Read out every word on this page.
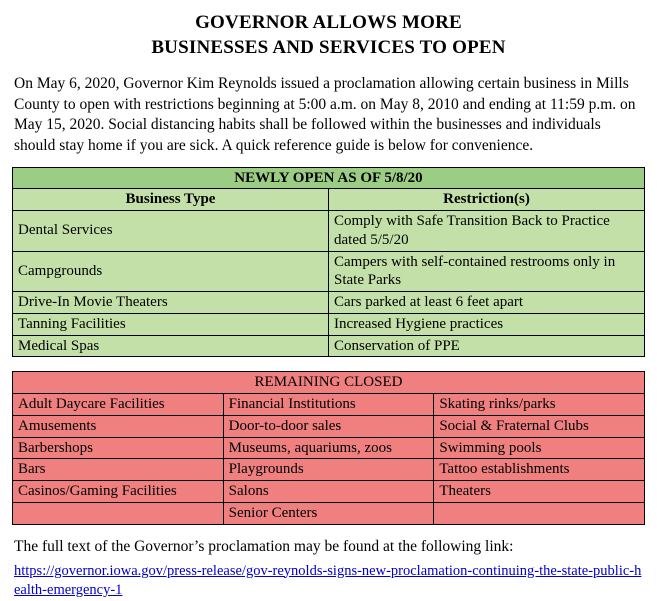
GOVERNOR ALLOWS MORE
BUSINESSES AND SERVICES TO OPEN

On May 6, 2020, Governor Kim Reynolds issued a proclamation allowing certain business in Mills County to open with restrictions beginning at 5:00 a.m. on May 8, 2010 and ending at 11:59 p.m. on May 15, 2020. Social distancing habits shall be followed within the businesses and individuals should stay home if you are sick. A quick reference guide is below for convenience.

NEWLY OPEN AS OF 5/8/20	
Business Type	Restriction(s)
Dental Services	Comply with Safe Transition Back to Practice dated 5/5/20
Campgrounds	Campers with self-contained restrooms only in State Parks
Drive-In Movie Theaters	Cars parked at least 6 feet apart
Tanning Facilities	Increased Hygiene practices
Medical Spas	Conservation of PPE
REMAINING CLOSED		
Adult Daycare Facilities	Financial Institutions	Skating rinks/parks
Amusements	Door-to-door sales	Social & Fraternal Clubs
Barbershops	Museums, aquariums, zoos	Swimming pools
Bars	Playgrounds	Tattoo establishments
Casinos/Gaming Facilities	Salons	Theaters
	Senior Centers	

The full text of the Governor’s proclamation may be found at the following link:

https://governor.iowa.gov/press-release/gov-reynolds-signs-new-proclamation-continuing-the-state-public-health-emergency-1
